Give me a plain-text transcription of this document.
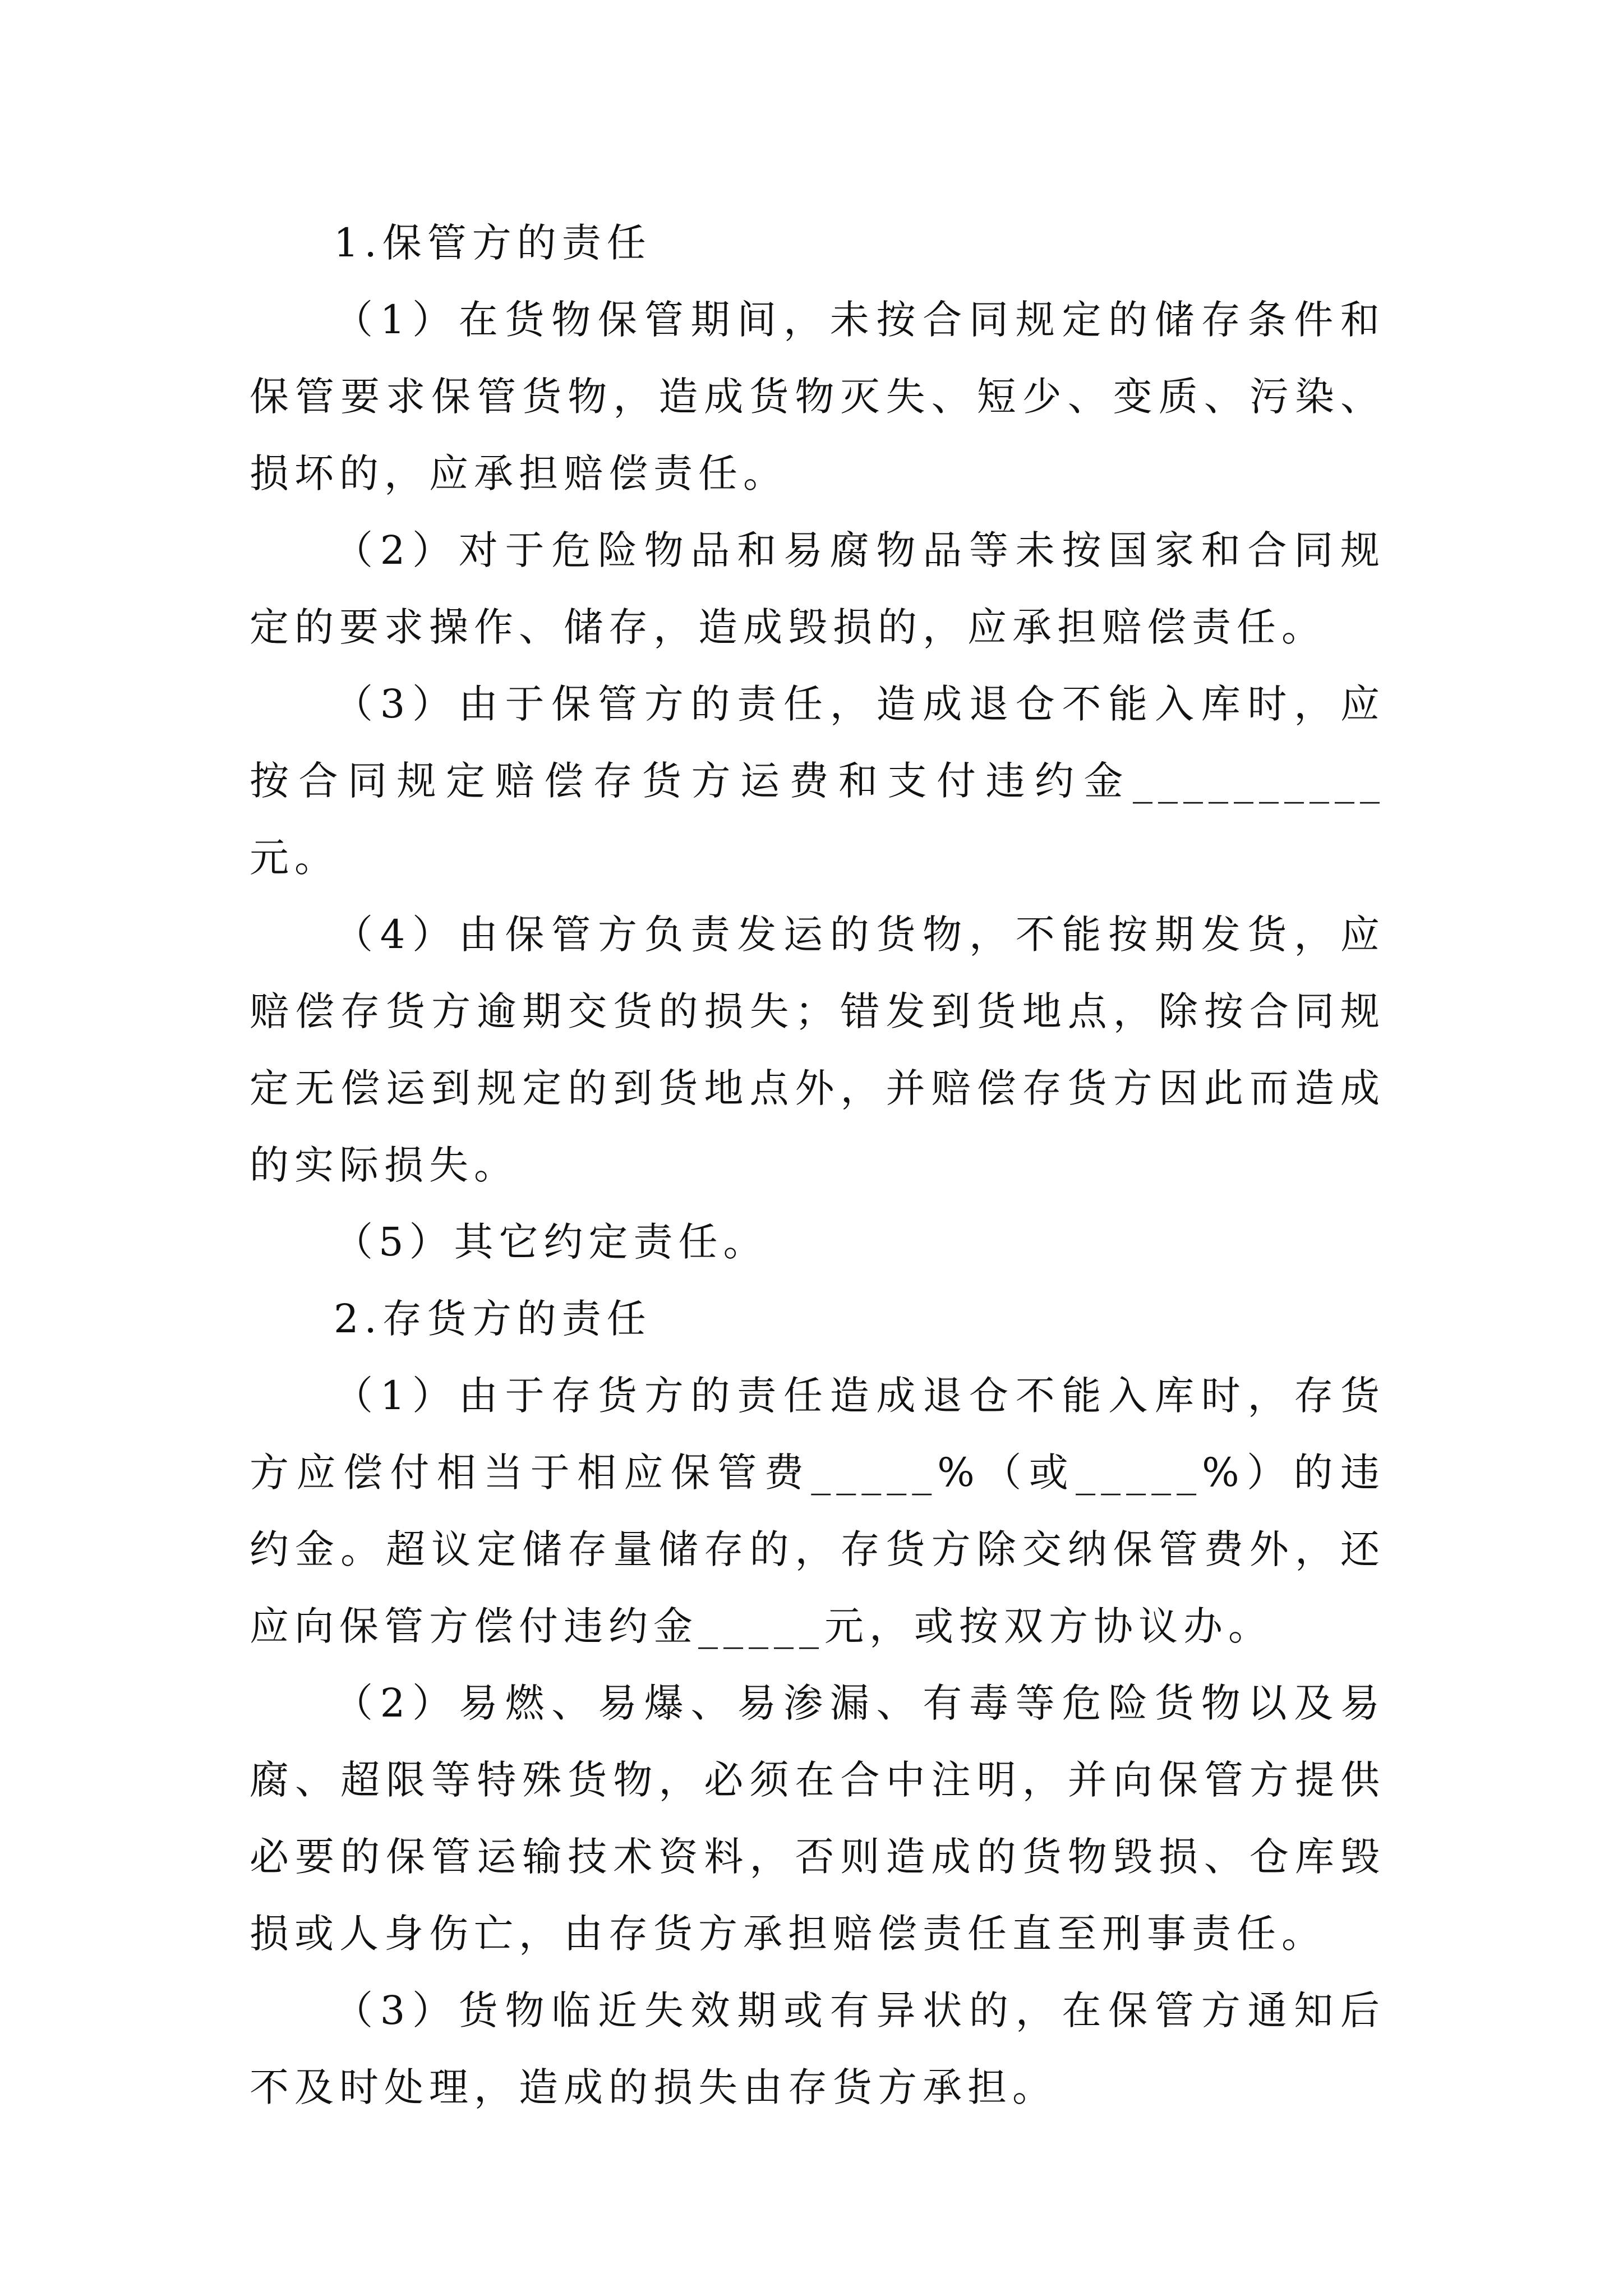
1.保管方的责任

（1）在货物保管期间，未按合同规定的储存条件和保管要求保管货物，造成货物灭失、短少、变质、污染、损坏的，应承担赔偿责任。

（2）对于危险物品和易腐物品等未按国家和合同规定的要求操作、储存，造成毁损的，应承担赔偿责任。

（3）由于保管方的责任，造成退仓不能入库时，应按合同规定赔偿存货方运费和支付违约金__________元。

（4）由保管方负责发运的货物，不能按期发货，应赔偿存货方逾期交货的损失；错发到货地点，除按合同规定无偿运到规定的到货地点外，并赔偿存货方因此而造成的实际损失。

（5）其它约定责任。

2.存货方的责任

（1）由于存货方的责任造成退仓不能入库时，存货方应偿付相当于相应保管费_____%（或_____%）的违约金。超议定储存量储存的，存货方除交纳保管费外，还应向保管方偿付违约金_____元，或按双方协议办。

（2）易燃、易爆、易渗漏、有毒等危险货物以及易腐、超限等特殊货物，必须在合中注明，并向保管方提供必要的保管运输技术资料，否则造成的货物毁损、仓库毁损或人身伤亡，由存货方承担赔偿责任直至刑事责任。

（3）货物临近失效期或有异状的，在保管方通知后不及时处理，造成的损失由存货方承担。
